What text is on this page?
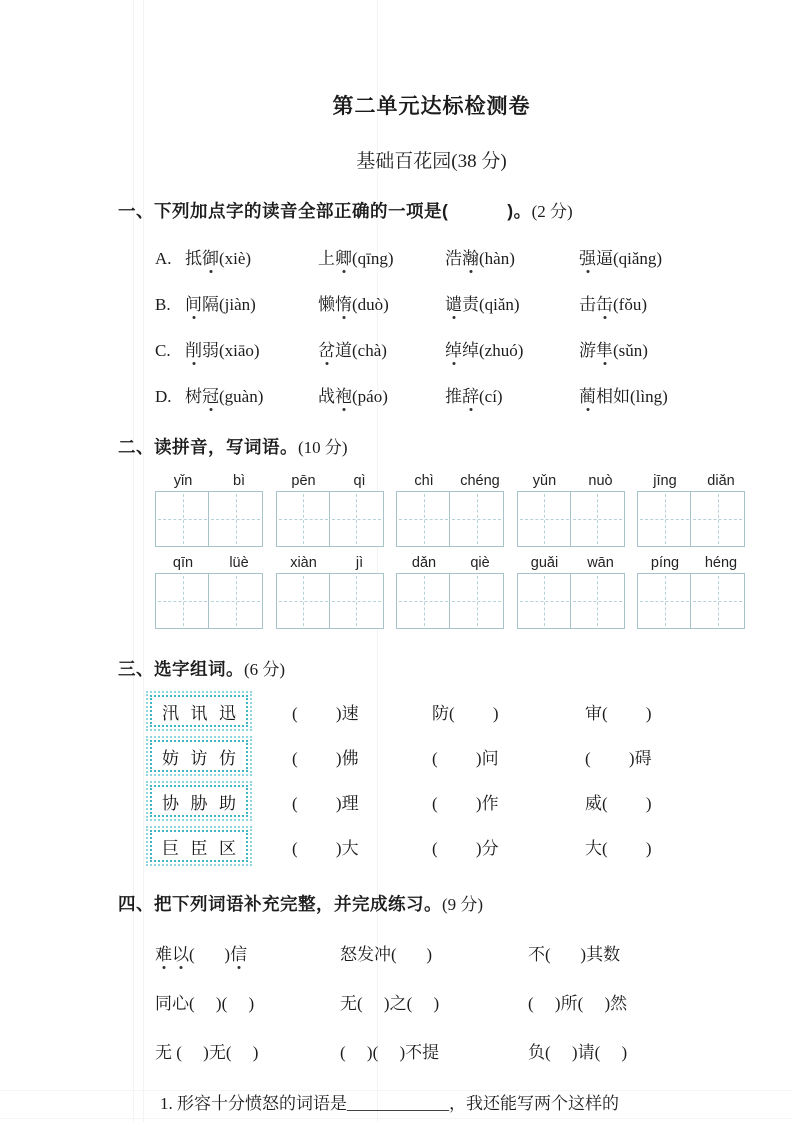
第二单元达标检测卷
基础百花园(38 分)
一、下列加点字的读音全部正确的一项是(           )。(2 分)
A. 抵御(xiè)	上卿(qīng)	浩瀚(hàn)	强逼(qiǎng)
B. 间隔(jiàn)	懒惰(duò)	谴责(qiǎn)	击缶(fǒu)
C. 削弱(xiāo)	岔道(chà)	绰绰(zhuó)	游隼(sǔn)
D. 树冠(guàn)	战袍(páo)	推辞(cí)	蔺相如(lìng)
二、读拼音，写词语。(10 分)
yǐn	bì	pēn	qì	chì	chéng	yǔn	nuò	jīng	diǎn
qīn	lüè	xiàn	jì	dǎn	qiè	guǎi	wān	píng	héng
三、选字组词。(6 分)
汛 讯 迅	(         )速	防(         )	审(         )
妨 访 仿	(         )佛	(         )问	(         )碍
协 胁 助	(         )理	(         )作	威(         )
巨 臣 区	(         )大	(         )分	大(         )
四、把下列词语补充完整，并完成练习。(9 分)
难以(       )信	怒发冲(       )	不(       )其数
同心(     )(     )	无(     )之(     )	(     )所(     )然
无 (     )无(     )	(     )(     )不提	负(     )请(     )
1. 形容十分愤怒的词语是____________，我还能写两个这样的
